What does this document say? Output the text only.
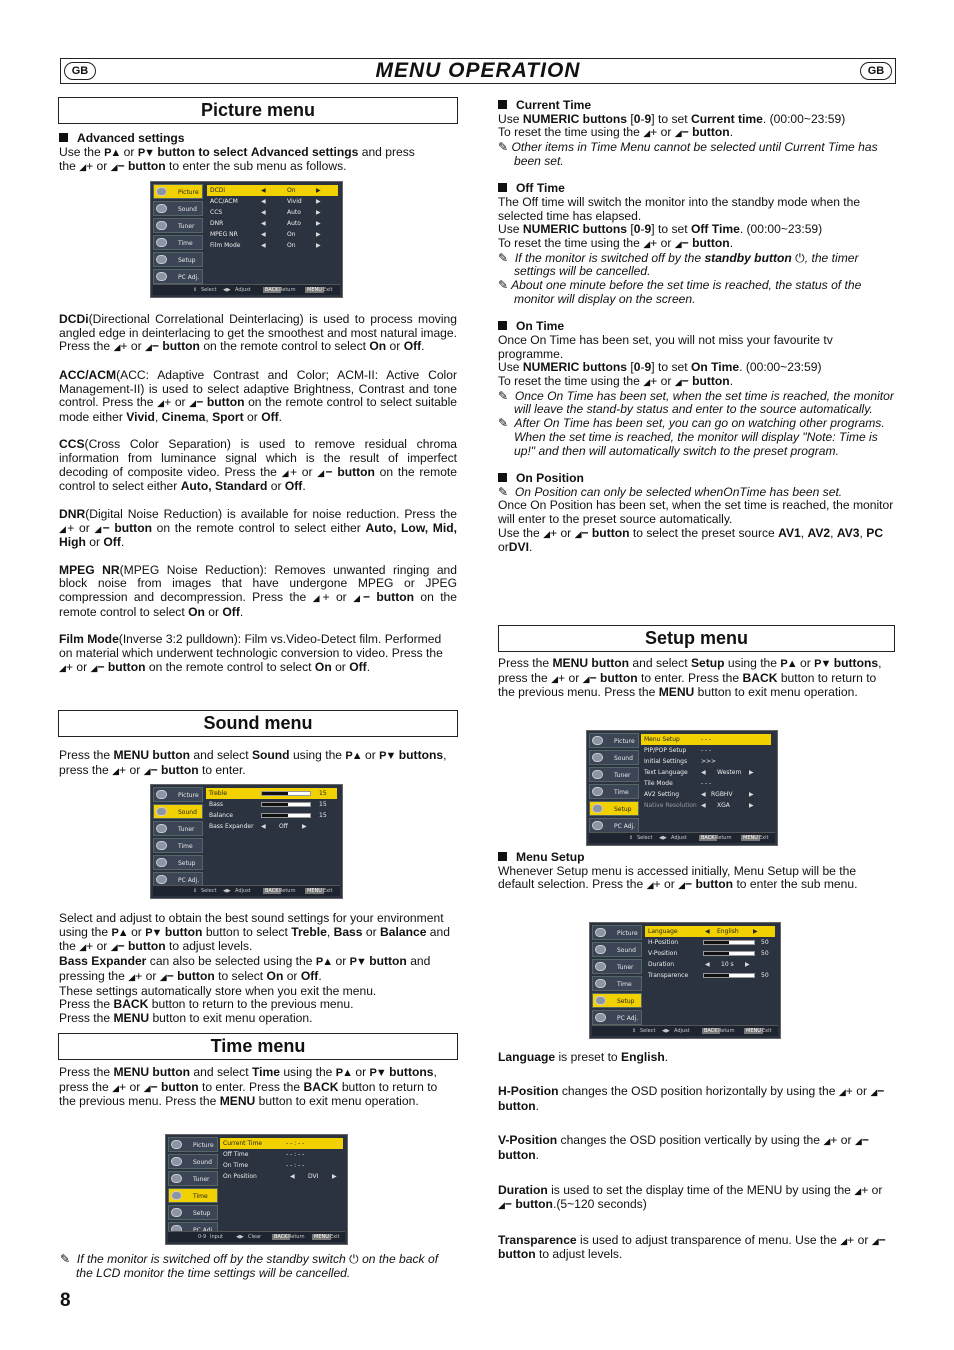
GB	MENU OPERATION	GB
Picture menu

Advanced settings

Use the P▲ or P▼ button to select Advanced settings and press

the ◢+ or ◢− button to enter the sub menu as follows.

Picture
Sound
Tuner
Time
Setup
PC Adj.
DCDi	◀	On	▶
ACC/ACM	◀	Vivid ▶
CCS	◀	Auto	▶
DNR	◀	Auto	▶
MPEG NR	◀	On	▶
Film Mode	◀	On	▶
⇕ Select ◀▶ Adjust	BACK Return	MENU Exit

DCDi(Directional Correlational Deinterlacing) is used to process moving angled edge in deinterlacing to get the smoothest and most natural image. Press the ◢+ or ◢− button on the remote control to select On or Off.

ACC/ACM(ACC: Adaptive Contrast and Color; ACM-II: Active Color Management-II) is used to select adaptive Brightness, Contrast and tone control. Press the ◢+ or ◢− button on the remote control to select suitable mode either Vivid, Cinema, Sport or Off.

CCS(Cross Color Separation) is used to remove residual chroma information from luminance signal which is the result of imperfect decoding of composite video. Press the ◢+ or ◢− button on the remote control to select either Auto, Standard or Off.

DNR(Digital Noise Reduction) is available for noise reduction. Press the ◢+ or ◢− button on the remote control to select either Auto, Low, Mid, High or Off.

MPEG NR(MPEG Noise Reduction): Removes unwanted ringing and block noise from images that have undergone MPEG or JPEG compression and decompression. Press the ◢+ or ◢− button on the remote control to select On or Off.

Film Mode(Inverse 3:2 pulldown): Film vs.Video-Detect film. Performed on material which underwent technologic conversion to video. Press the ◢+ or ◢− button on the remote control to select On or Off.

Sound menu

Press the MENU button and select Sound using the P▲ or P▼ buttons, press the ◢+ or ◢− button to enter.

Picture
Sound
Tuner
Time
Setup
PC Adj.
Treble	15
Bass	15
Balance	15
Bass Expander ◀ Off ▶
⇕ Select ◀▶ Adjust	BACK Return	MENU Exit

Select and adjust to obtain the best sound settings for your environment using the P▲ or P▼ button button to select Treble, Bass or Balance and the ◢+ or ◢− button to adjust levels.

Bass Expander can also be selected using the P▲ or P▼ button and pressing the ◢+ or ◢− button to select On or Off.

These settings automatically store when you exit the menu.

Press the BACK button to return to the previous menu.

Press the MENU button to exit menu operation.

Time menu

Press the MENU button and select Time using the P▲ or P▼ buttons, press the ◢+ or ◢− button to enter. Press the BACK button to return to the previous menu. Press the MENU button to exit menu operation.

Picture
Sound
Tuner
Time
Setup
Current Time	- - : - -
Off Time	- - : - -
On Time	- - : - -
On Position	◀ DVI ▶
0-9 Input	◀▶ Clear	BACK Return	MENU Exit

✎ If the monitor is switched off by the standby switch ⏻ on the back of the LCD monitor the time settings will be cancelled.

8

Current Time

Use NUMERIC buttons [0-9] to set Current time. (00:00~23:59)

To reset the time using the ◢+ or ◢− button.

✎ Other items in Time Menu cannot be selected until Current Time has been set.

Off Time

The Off time will switch the monitor into the standby mode when the selected time has elapsed.

Use NUMERIC buttons [0-9] to set Off Time. (00:00~23:59)

To reset the time using the ◢+ or ◢− button.

✎ If the monitor is switched off by the standby button ⏻, the timer settings will be cancelled.

✎ About one minute before the set time is reached, the status of the monitor will display on the screen.

On Time

Once On Time has been set, you will not miss your favourite tv programme.

Use NUMERIC buttons [0-9] to set On Time. (00:00~23:59)

To reset the time using the ◢+ or ◢− button.

✎ Once On Time has been set, when the set time is reached, the monitor will leave the stand-by status and enter to the source automatically.

✎ After On Time has been set, you can go on watching other programs. When the set time is reached, the monitor will display "Note: Time is up!" and then will automatically switch to the preset program.

On Position

✎ On Position can only be selected whenOnTime has been set.

Once On Position has been set, when the set time is reached, the monitor will enter to the preset source automatically.

Use the ◢+ or ◢− button to select the preset source AV1, AV2, AV3, PC orDVI.

Setup menu

Press the MENU button and select Setup using the P▲ or P▼ buttons, press the ◢+ or ◢− button to enter. Press the BACK button to return to the previous menu. Press the MENU button to exit menu operation.

Picture
Sound
Tuner
Time
Setup
PC Adj.
Menu Setup	- - -
PIP/POP Setup - - -
Initial Settings >>>
Text Language ◀ Western ▶
Tile Mode	- - -
AV2 Setting	◀ RGBHV	▶
Native Resolution ◀ XGA	▶
⇕ Select ◀▶ Adjust	BACK Return	MENU Exit

Menu Setup

Whenever Setup menu is accessed initially, Menu Setup will be the default selection. Press the ◢+ or ◢− button to enter the sub menu.

Picture
Sound
Tuner
Time
Setup
PC Adj.
Language	◀ English ▶
H-Position	50
V-Position	50
Duration	◀ 10 s ▶
Transparence	50
⇕ Select ◀▶ Adjust	BACK Return	MENU Exit

Language is preset to English.

H-Position changes the OSD position horizontally by using the ◢+ or ◢− button.

V-Position changes the OSD position vertically by using the ◢+ or ◢− button.

Duration is used to set the display time of the MENU by using the ◢+ or ◢− button.(5~120 seconds)

Transparence is used to adjust transparence of menu. Use the ◢+ or ◢− button to adjust levels.
